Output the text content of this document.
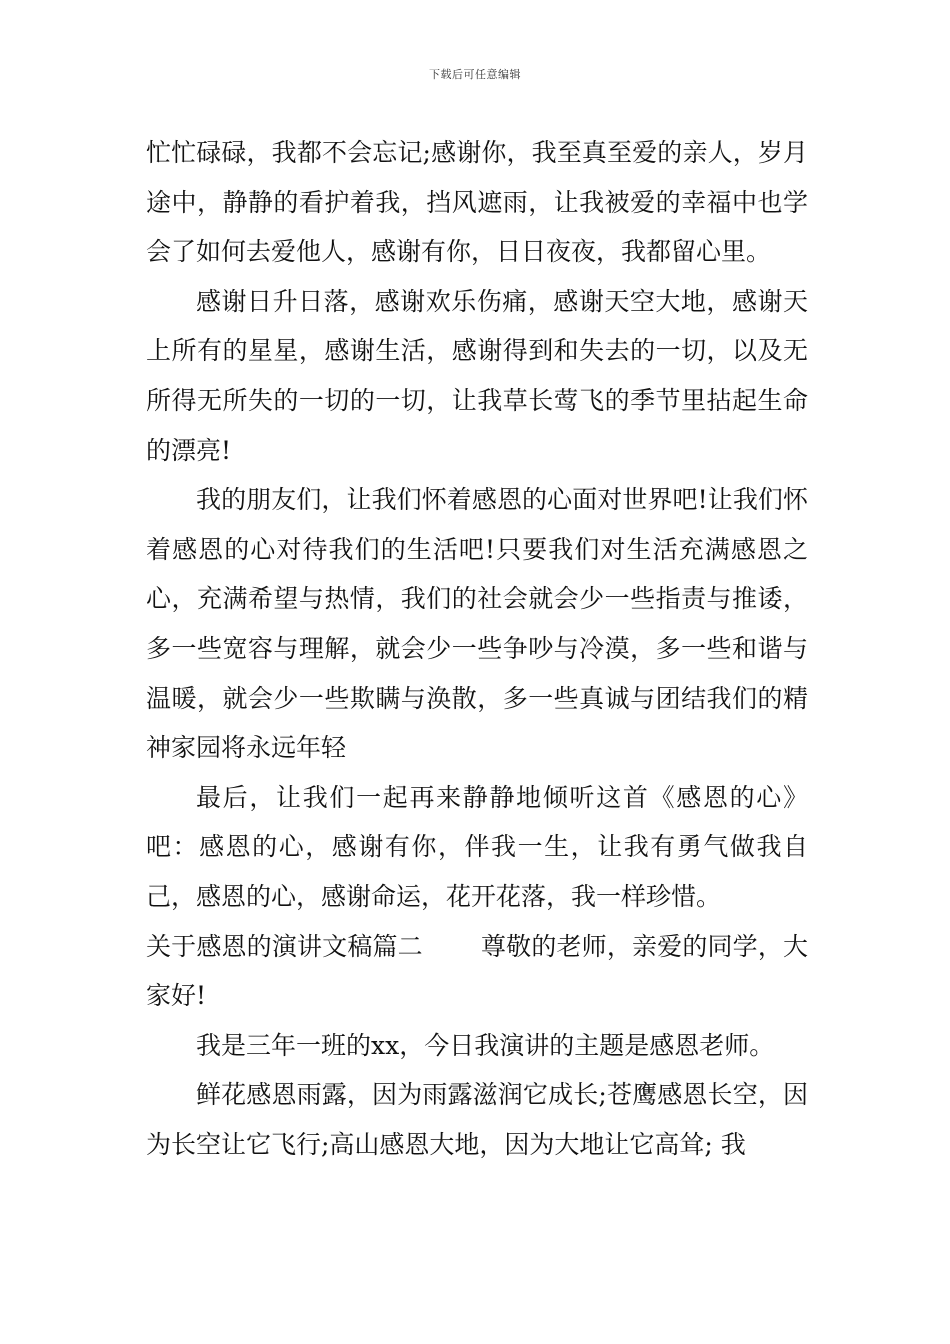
下载后可任意编辑

忙忙碌碌，我都不会忘记;感谢你，我至真至爱的亲人，岁月途中，静静的看护着我，挡风遮雨，让我被爱的幸福中也学会了如何去爱他人，感谢有你，日日夜夜，我都留心里。

感谢日升日落，感谢欢乐伤痛，感谢天空大地，感谢天上所有的星星，感谢生活，感谢得到和失去的一切，以及无所得无所失的一切的一切，让我草长莺飞的季节里拈起生命的漂亮!

我的朋友们，让我们怀着感恩的心面对世界吧!让我们怀着感恩的心对待我们的生活吧!只要我们对生活充满感恩之心，充满希望与热情，我们的社会就会少一些指责与推诿，多一些宽容与理解，就会少一些争吵与冷漠，多一些和谐与温暖，就会少一些欺瞒与涣散，多一些真诚与团结我们的精神家园将永远年轻

最后，让我们一起再来静静地倾听这首《感恩的心》吧：感恩的心，感谢有你，伴我一生，让我有勇气做我自己，感恩的心，感谢命运，花开花落，我一样珍惜。

关于感恩的演讲文稿篇二 尊敬的老师，亲爱的同学，大家好!

我是三年一班的xx，今日我演讲的主题是感恩老师。

鲜花感恩雨露，因为雨露滋润它成长;苍鹰感恩长空，因为长空让它飞行;高山感恩大地，因为大地让它高耸; 我
